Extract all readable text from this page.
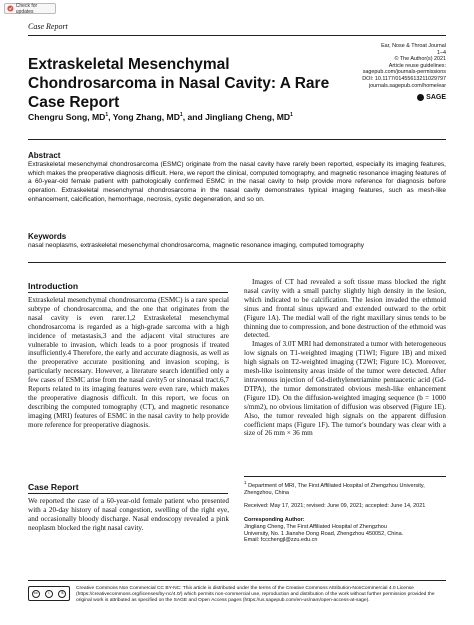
Check for updates
Case Report
Ear, Nose & Throat Journal
1–4
© The Author(s) 2021
Article reuse guidelines:
sagepub.com/journals-permissions
DOI: 10.1177/01455613211029797
journals.sagepub.com/home/ear
SAGE
Extraskeletal Mesenchymal Chondrosarcoma in Nasal Cavity: A Rare Case Report
Chengru Song, $MD^1$, Yong Zhang, $MD^1$, and Jingliang Cheng, $MD^1$
Abstract
Extraskeletal mesenchymal chondrosarcoma (ESMC) originate from the nasal cavity have rarely been reported, especially its imaging features, which makes the preoperative diagnosis difficult. Here, we report the clinical, computed tomography, and magnetic resonance imaging features of a 60-year-old female patient with pathologically confirmed ESMC in the nasal cavity to help provide more reference for diagnosis before operation. Extraskeletal mesenchymal chondrosarcoma in the nasal cavity demonstrates typical imaging features, such as mesh-like enhancement, calcification, hemorrhage, necrosis, cystic degeneration, and so on.
Keywords
nasal neoplasms, extraskeletal mesenchymal chondrosarcoma, magnetic resonance imaging, computed tomography
Introduction

Extraskeletal mesenchymal chondrosarcoma (ESMC) is a rare special subtype of chondrosarcoma, and the one that originates from the nasal cavity is even rarer.1,2 Extraskeletal mesenchymal chondrosarcoma is regarded as a high-grade sarcoma with a high incidence of metastasis,3 and the adjacent vital structures are vulnerable to invasion, which leads to a poor prognosis if treated insufficiently.4 Therefore, the early and accurate diagnosis, as well as the preoperative accurate positioning and invasion scoping, is particularly necessary. However, a literature search identified only a few cases of ESMC arise from the nasal cavity5 or sinonasal tract.6,7 Reports related to its imaging features were even rare, which makes the preoperative diagnosis difficult. In this report, we focus on describing the computed tomography (CT), and magnetic resonance imaging (MRI) features of ESMC in the nasal cavity to help provide more reference for preoperative diagnosis.

Case Report

We reported the case of a 60-year-old female patient who presented with a 20-day history of nasal congestion, swelling of the right eye, and occasionally bloody discharge. Nasal endoscopy revealed a pink neoplasm blocked the right nasal cavity.

Images of CT had revealed a soft tissue mass blocked the right nasal cavity with a small patchy slightly high density in the lesion, which indicated to be calcification. The lesion invaded the ethmoid sinus and frontal sinus upward and extended outward to the orbit (Figure 1A). The medial wall of the right maxillary sinus tends to be thinning due to compression, and bone destruction of the ethmoid was detected.

Images of 3.0T MRI had demonstrated a tumor with heterogeneous low signals on T1-weighted imaging (T1WI; Figure 1B) and mixed high signals on T2-weighted imaging (T2WI; Figure 1C). Moreover, mesh-like isointensity areas inside of the tumor were detected. After intravenous injection of Gd-diethylenetriamine pentaacetic acid (Gd-DTPA), the tumor demonstrated obvious mesh-like enhancement (Figure 1D). On the diffusion-weighted imaging sequence (b = 1000 s/mm2), no obvious limitation of diffusion was observed (Figure 1E). Also, the tumor revealed high signals on the apparent diffusion coefficient maps (Figure 1F). The tumor's boundary was clear with a size of 26 mm × 36 mm

$^1$ Department of MRI, The First Affiliated Hospital of Zhengzhou University, Zhengzhou, China
Received: May 17, 2021; revised: June 09, 2021; accepted: June 14, 2021
Corresponding Author:
Jingliang Cheng, The First Affiliated Hospital of Zhengzhou
University, No. 1 Jianshe Dong Road, Zhengzhou 450052, China.
Email: fccchengjl@zzu.edu.cn
cc	i	$
Creative Commons Non Commercial CC BY-NC: This article is distributed under the terms of the Creative Commons Attribution-NonCommercial 4.0 License (https://creativecommons.org/licenses/by-nc/4.0/) which permits non-commercial use, reproduction and distribution of the work without further permission provided the original work is attributed as specified on the SAGE and Open Access pages (https://us.sagepub.com/en-us/nam/open-access-at-sage).
